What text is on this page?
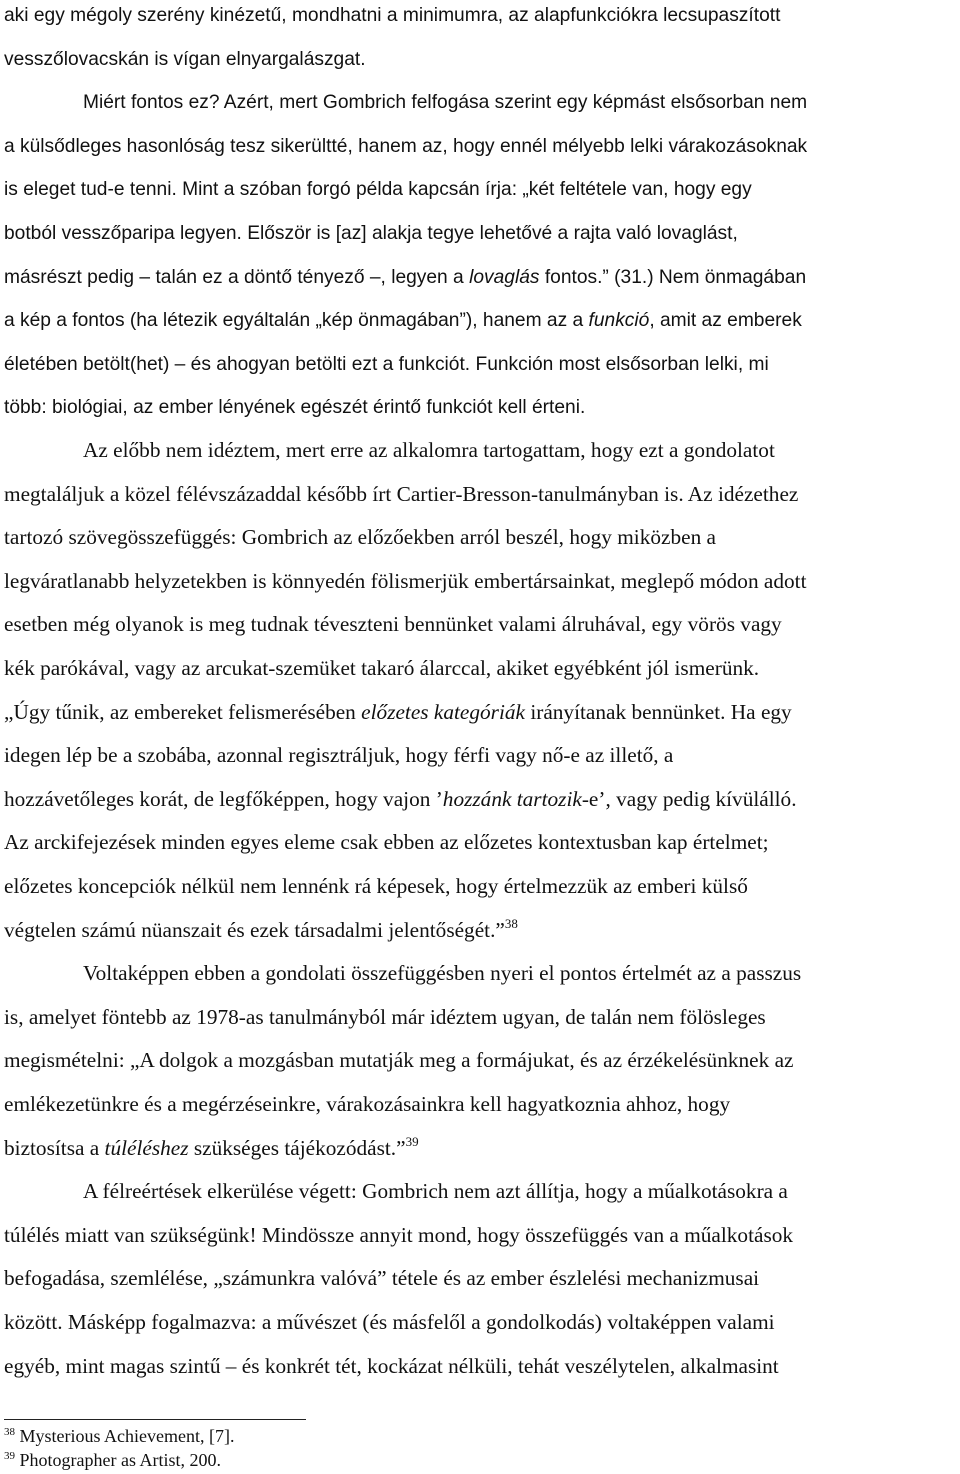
aki egy mégoly szerény kinézetű, mondhatni a minimumra, az alapfunkciókra lecsupaszított
vesszőlovacskán is vígan elnyargalászgat.
Miért fontos ez? Azért, mert Gombrich felfogása szerint egy képmást elsősorban nem
a külsődleges hasonlóság tesz sikerültté, hanem az, hogy ennél mélyebb lelki várakozásoknak
is eleget tud-e tenni. Mint a szóban forgó példa kapcsán írja: „két feltétele van, hogy egy
botból vesszőparipa legyen. Először is [az] alakja tegye lehetővé a rajta való lovaglást,
másrészt pedig – talán ez a döntő tényező –, legyen a lovaglás fontos.” (31.) Nem önmagában
a kép a fontos (ha létezik egyáltalán „kép önmagában”), hanem az a funkció, amit az emberek
életében betölt(het) – és ahogyan betölti ezt a funkciót. Funkción most elsősorban lelki, mi
több: biológiai, az ember lényének egészét érintő funkciót kell érteni.
Az előbb nem idéztem, mert erre az alkalomra tartogattam, hogy ezt a gondolatot
megtaláljuk a közel félévszázaddal később írt Cartier-Bresson-tanulmányban is. Az idézethez
tartozó szövegösszefüggés: Gombrich az előzőekben arról beszél, hogy miközben a
legváratlanabb helyzetekben is könnyedén fölismerjük embertársainkat, meglepő módon adott
esetben még olyanok is meg tudnak téveszteni bennünket valami álruhával, egy vörös vagy
kék parókával, vagy az arcukat-szemüket takaró álarccal, akiket egyébként jól ismerünk.
„Úgy tűnik, az embereket felismerésében előzetes kategóriák irányítanak bennünket. Ha egy
idegen lép be a szobába, azonnal regisztráljuk, hogy férfi vagy nő-e az illető, a
hozzávetőleges korát, de legfőképpen, hogy vajon ’hozzánk tartozik-e’, vagy pedig kívülálló.
Az arckifejezések minden egyes eleme csak ebben az előzetes kontextusban kap értelmet;
előzetes koncepciók nélkül nem lennénk rá képesek, hogy értelmezzük az emberi külső
végtelen számú nüanszait és ezek társadalmi jelentőségét.”$^{38}$
Voltaképpen ebben a gondolati összefüggésben nyeri el pontos értelmét az a passzus
is, amelyet föntebb az 1978-as tanulmányból már idéztem ugyan, de talán nem fölösleges
megismételni: „A dolgok a mozgásban mutatják meg a formájukat, és az érzékelésünknek az
emlékezetünkre és a megérzéseinkre, várakozásainkra kell hagyatkoznia ahhoz, hogy
biztosítsa a túléléshez szükséges tájékozódást.”$^{39}$
A félreértések elkerülése végett: Gombrich nem azt állítja, hogy a műalkotásokra a
túlélés miatt van szükségünk! Mindössze annyit mond, hogy összefüggés van a műalkotások
befogadása, szemlélése, „számunkra valóvá” tétele és az ember észlelési mechanizmusai
között. Másképp fogalmazva: a művészet (és másfelől a gondolkodás) voltaképpen valami
egyéb, mint magas szintű – és konkrét tét, kockázat nélküli, tehát veszélytelen, alkalmasint
$^{38}$ Mysterious Achievement, [7].
$^{39}$ Photographer as Artist, 200.
